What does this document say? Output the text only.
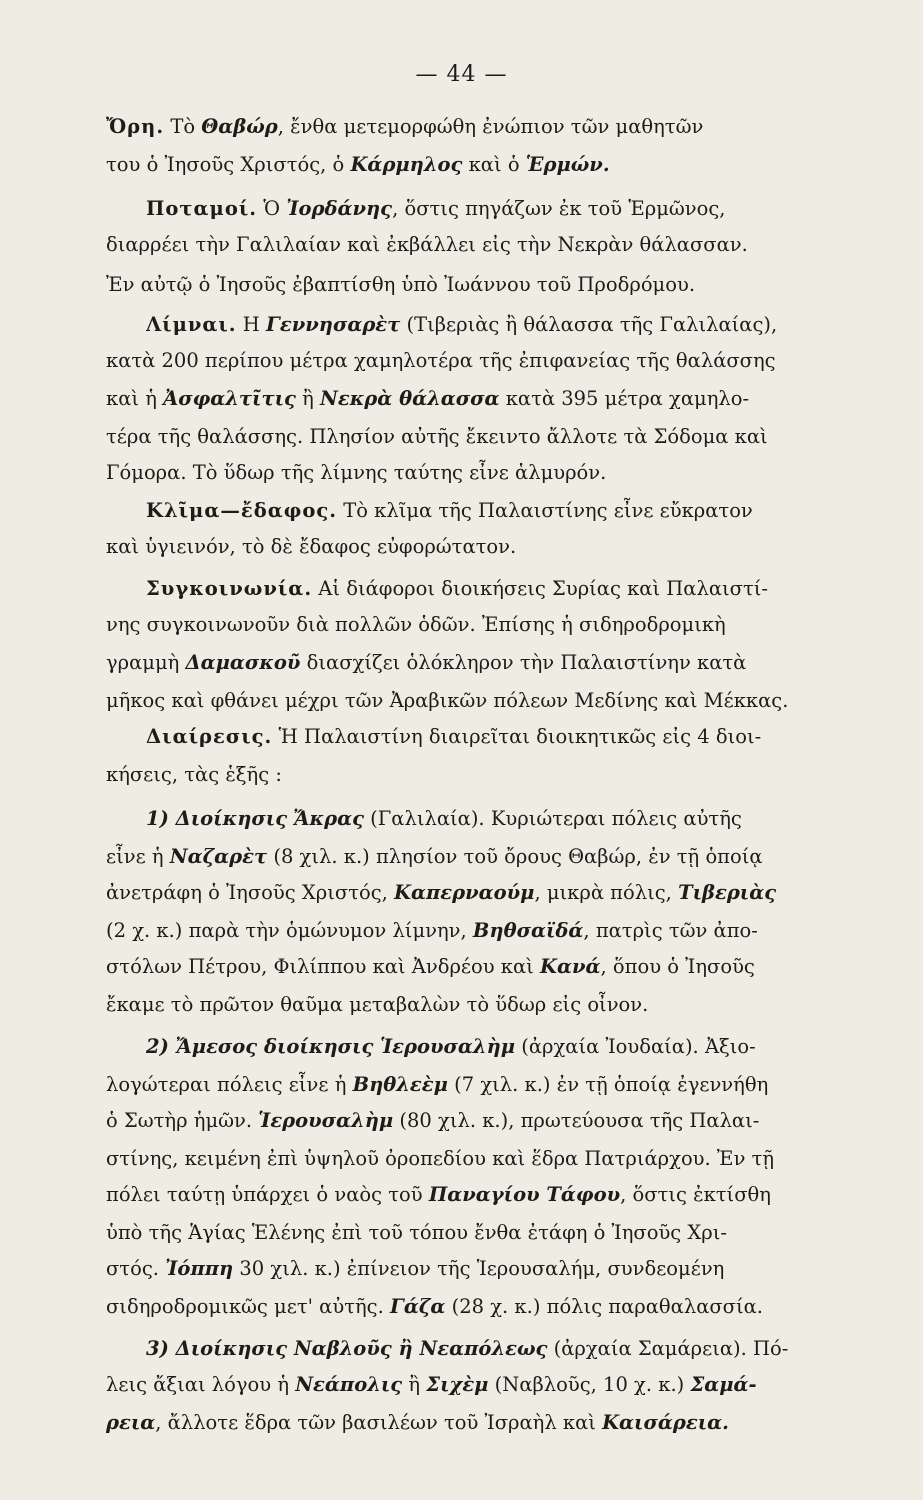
— 44 —
Ὄρη. Τὸ Θαβώρ, ἔνθα μετεμορφώθη ἐνώπιον τῶν μαθητῶν
του ὁ Ἰησοῦς Χριστός, ὁ Κάρμηλος καὶ ὁ Ἑρμών.
Ποταμοί. Ὁ Ἰορδάνης, ὅστις πηγάζων ἐκ τοῦ Ἑρμῶνος,
διαρρέει τὴν Γαλιλαίαν καὶ ἐκβάλλει εἰς τὴν Νεκρὰν θάλασσαν.
Ἐν αὐτῷ ὁ Ἰησοῦς ἐβαπτίσθη ὑπὸ Ἰωάννου τοῦ Προδρόμου.
Λίμναι. Η Γεννησαρὲτ (Τιβεριὰς ἢ θάλασσα τῆς Γαλιλαίας),
κατὰ 200 περίπου μέτρα χαμηλοτέρα τῆς ἐπιφανείας τῆς θαλάσσης
καὶ ἡ Ἀσφαλτῖτις ἢ Νεκρὰ θάλασσα κατὰ 395 μέτρα χαμηλο-
τέρα τῆς θαλάσσης. Πλησίον αὐτῆς ἔκειντο ἄλλοτε τὰ Σόδομα καὶ
Γόμορα. Τὸ ὕδωρ τῆς λίμνης ταύτης εἶνε ἁλμυρόν.
Κλῖμα—ἔδαφος. Τὸ κλῖμα τῆς Παλαιστίνης εἶνε εὔκρατον
καὶ ὑγιεινόν, τὸ δὲ ἔδαφος εὐφορώτατον.
Συγκοινωνία. Αἱ διάφοροι διοικήσεις Συρίας καὶ Παλαιστί-
νης συγκοινωνοῦν διὰ πολλῶν ὁδῶν. Ἐπίσης ἡ σιδηροδρομικὴ
γραμμὴ Δαμασκοῦ διασχίζει ὁλόκληρον τὴν Παλαιστίνην κατὰ
μῆκος καὶ φθάνει μέχρι τῶν Ἀραβικῶν πόλεων Μεδίνης καὶ Μέκκας.
Διαίρεσις. Ἡ Παλαιστίνη διαιρεῖται διοικητικῶς εἰς 4 διοι-
κήσεις, τὰς ἑξῆς :
1) Διοίκησις Ἄκρας (Γαλιλαία). Κυριώτεραι πόλεις αὐτῆς
εἶνε ἡ Ναζαρὲτ (8 χιλ. κ.) πλησίον τοῦ ὄρους Θαβώρ, ἐν τῇ ὁποίᾳ
ἀνετράφη ὁ Ἰησοῦς Χριστός, Καπερναούμ, μικρὰ πόλις, Τιβεριὰς
(2 χ. κ.) παρὰ τὴν ὁμώνυμον λίμνην, Βηθσαϊδά, πατρὶς τῶν ἀπο-
στόλων Πέτρου, Φιλίππου καὶ Ἀνδρέου καὶ Κανά, ὅπου ὁ Ἰησοῦς
ἔκαμε τὸ πρῶτον θαῦμα μεταβαλὼν τὸ ὕδωρ εἰς οἶνον.
2) Ἄμεσος διοίκησις Ἱερουσαλὴμ (ἀρχαία Ἰουδαία). Ἀξιο-
λογώτεραι πόλεις εἶνε ἡ Βηθλεὲμ (7 χιλ. κ.) ἐν τῇ ὁποίᾳ ἐγεννήθη
ὁ Σωτὴρ ἡμῶν. Ἱερουσαλὴμ (80 χιλ. κ.), πρωτεύουσα τῆς Παλαι-
στίνης, κειμένη ἐπὶ ὑψηλοῦ ὀροπεδίου καὶ ἕδρα Πατριάρχου. Ἐν τῇ
πόλει ταύτῃ ὑπάρχει ὁ ναὸς τοῦ Παναγίου Τάφου, ὅστις ἐκτίσθη
ὑπὸ τῆς Ἁγίας Ἑλένης ἐπὶ τοῦ τόπου ἔνθα ἐτάφη ὁ Ἰησοῦς Χρι-
στός. Ἰόππη 30 χιλ. κ.) ἐπίνειον τῆς Ἱερουσαλήμ, συνδεομένη
σιδηροδρομικῶς μετ' αὐτῆς. Γάζα (28 χ. κ.) πόλις παραθαλασσία.
3) Διοίκησις Ναβλοῦς ἢ Νεαπόλεως (ἀρχαία Σαμάρεια). Πό-
λεις ἄξιαι λόγου ἡ Νεάπολις ἢ Σιχὲμ (Ναβλοῦς, 10 χ. κ.) Σαμά-
ρεια, ἄλλοτε ἕδρα τῶν βασιλέων τοῦ Ἰσραὴλ καὶ Καισάρεια.
